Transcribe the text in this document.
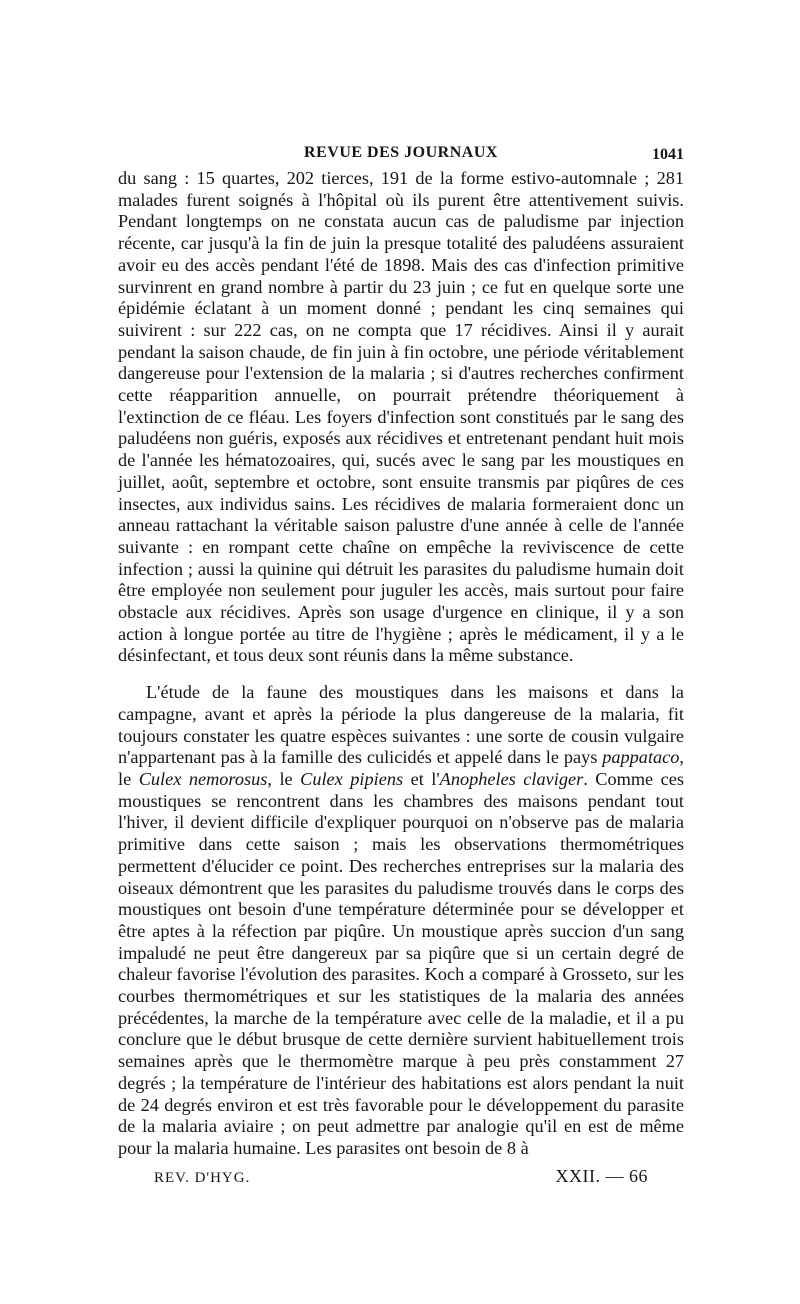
REVUE DES JOURNAUX	1041

du sang : 15 quartes, 202 tierces, 191 de la forme estivo-automnale ; 281 malades furent soignés à l'hôpital où ils purent être attentivement suivis. Pendant longtemps on ne constata aucun cas de paludisme par injection récente, car jusqu'à la fin de juin la presque totalité des paludéens assuraient avoir eu des accès pendant l'été de 1898. Mais des cas d'infection primitive survinrent en grand nombre à partir du 23 juin ; ce fut en quelque sorte une épidémie éclatant à un moment donné ; pendant les cinq semaines qui suivirent : sur 222 cas, on ne compta que 17 récidives. Ainsi il y aurait pendant la saison chaude, de fin juin à fin octobre, une période véritablement dangereuse pour l'extension de la malaria ; si d'autres recherches confirment cette réapparition annuelle, on pourrait prétendre théoriquement à l'extinction de ce fléau. Les foyers d'infection sont constitués par le sang des paludéens non guéris, exposés aux récidives et entretenant pendant huit mois de l'année les hématozoaires, qui, sucés avec le sang par les moustiques en juillet, août, septembre et octobre, sont ensuite transmis par piqûres de ces insectes, aux individus sains. Les récidives de malaria formeraient donc un anneau rattachant la véritable saison palustre d'une année à celle de l'année suivante : en rompant cette chaîne on empêche la reviviscence de cette infection ; aussi la quinine qui détruit les parasites du paludisme humain doit être employée non seulement pour juguler les accès, mais surtout pour faire obstacle aux récidives. Après son usage d'urgence en clinique, il y a son action à longue portée au titre de l'hygiène ; après le médicament, il y a le désinfectant, et tous deux sont réunis dans la même substance.

L'étude de la faune des moustiques dans les maisons et dans la campagne, avant et après la période la plus dangereuse de la malaria, fit toujours constater les quatre espèces suivantes : une sorte de cousin vulgaire n'appartenant pas à la famille des culicidés et appelé dans le pays pappataco, le Culex nemorosus, le Culex pipiens et l'Anopheles claviger. Comme ces moustiques se rencontrent dans les chambres des maisons pendant tout l'hiver, il devient difficile d'expliquer pourquoi on n'observe pas de malaria primitive dans cette saison ; mais les observations thermométriques permettent d'élucider ce point. Des recherches entreprises sur la malaria des oiseaux démontrent que les parasites du paludisme trouvés dans le corps des moustiques ont besoin d'une température déterminée pour se développer et être aptes à la réfection par piqûre. Un moustique après succion d'un sang impaludé ne peut être dangereux par sa piqûre que si un certain degré de chaleur favorise l'évolution des parasites. Koch a comparé à Grosseto, sur les courbes thermométriques et sur les statistiques de la malaria des années précédentes, la marche de la température avec celle de la maladie, et il a pu conclure que le début brusque de cette dernière survient habituellement trois semaines après que le thermomètre marque à peu près constamment 27 degrés ; la température de l'intérieur des habitations est alors pendant la nuit de 24 degrés environ et est très favorable pour le développement du parasite de la malaria aviaire ; on peut admettre par analogie qu'il en est de même pour la malaria humaine. Les parasites ont besoin de 8 à

REV. D'HYG.	XXII. — 66
